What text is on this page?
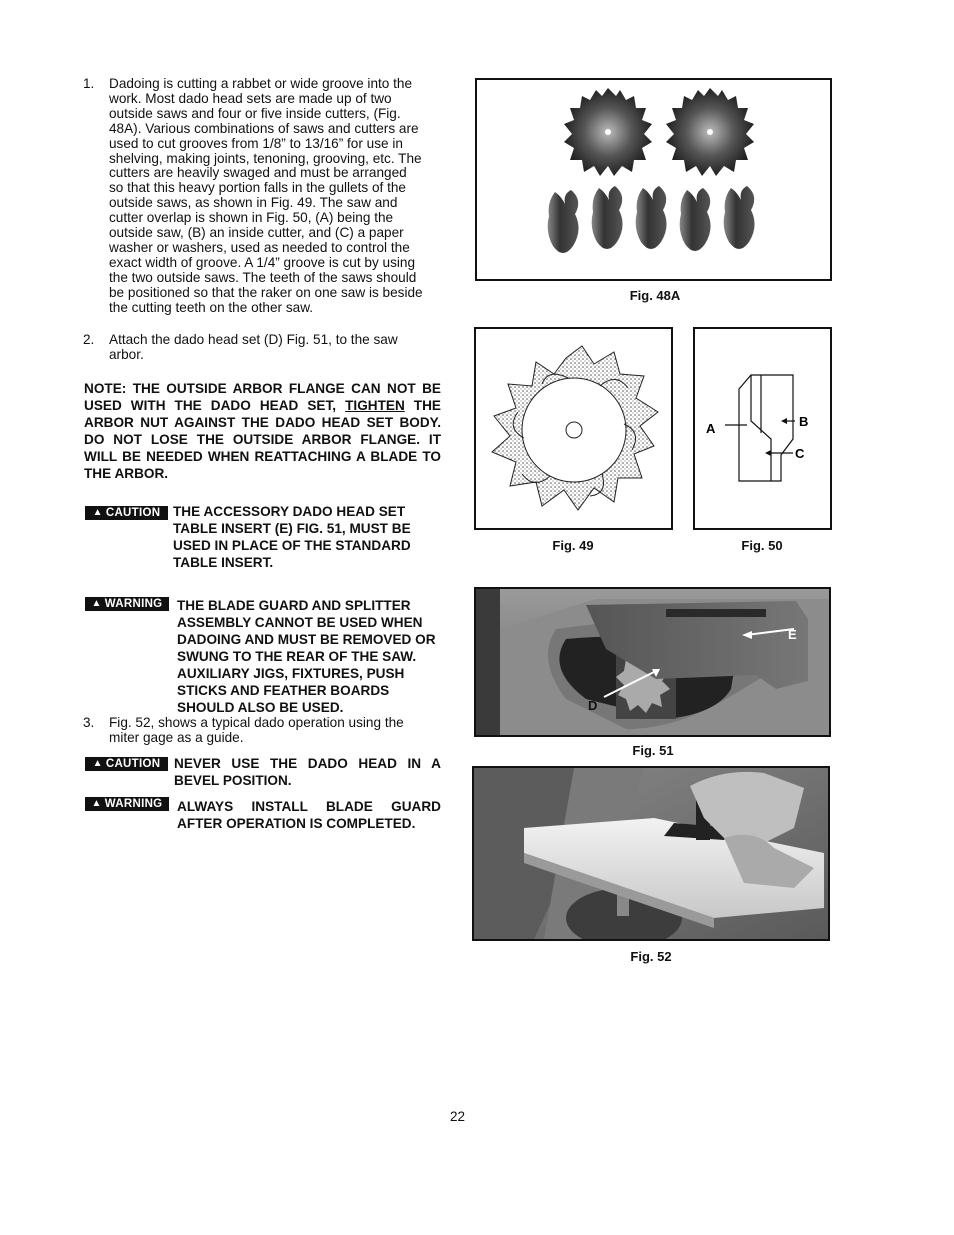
1. Dadoing is cutting a rabbet or wide groove into the
work. Most dado head sets are made up of two
outside saws and four or five inside cutters, (Fig.
48A). Various combinations of saws and cutters are
used to cut grooves from 1/8” to 13/16” for use in
shelving, making joints, tenoning, grooving, etc. The
cutters are heavily swaged and must be arranged
so that this heavy portion falls in the gullets of the
outside saws, as shown in Fig. 49. The saw and
cutter overlap is shown in Fig. 50, (A) being the
outside saw, (B) an inside cutter, and (C) a paper
washer or washers, used as needed to control the
exact width of groove. A 1/4” groove is cut by using
the two outside saws. The teeth of the saws should
be positioned so that the raker on one saw is beside
the cutting teeth on the other saw.
2. Attach the dado head set (D) Fig. 51, to the saw
arbor.
NOTE: THE OUTSIDE ARBOR FLANGE CAN NOT BE USED WITH THE DADO HEAD SET, TIGHTEN THE ARBOR NUT AGAINST THE DADO HEAD SET BODY. DO NOT LOSE THE OUTSIDE ARBOR FLANGE. IT WILL BE NEEDED WHEN REATTACHING A BLADE TO THE ARBOR.
▲ CAUTION THE ACCESSORY DADO HEAD SET TABLE INSERT (E) FIG. 51, MUST BE USED IN PLACE OF THE STANDARD TABLE INSERT.
▲ WARNING THE BLADE GUARD AND SPLITTER ASSEMBLY CANNOT BE USED WHEN DADOING AND MUST BE REMOVED OR SWUNG TO THE REAR OF THE SAW. AUXILIARY JIGS, FIXTURES, PUSH STICKS AND FEATHER BOARDS SHOULD ALSO BE USED.
3. Fig. 52, shows a typical dado operation using the
miter gage as a guide.
▲ CAUTION NEVER USE THE DADO HEAD IN A BEVEL POSITION.
▲ WARNING ALWAYS INSTALL BLADE GUARD AFTER OPERATION IS COMPLETED.
Fig. 48A
Fig. 49
A	B
C
Fig. 50
E
D
Fig. 51
Fig. 52
22
